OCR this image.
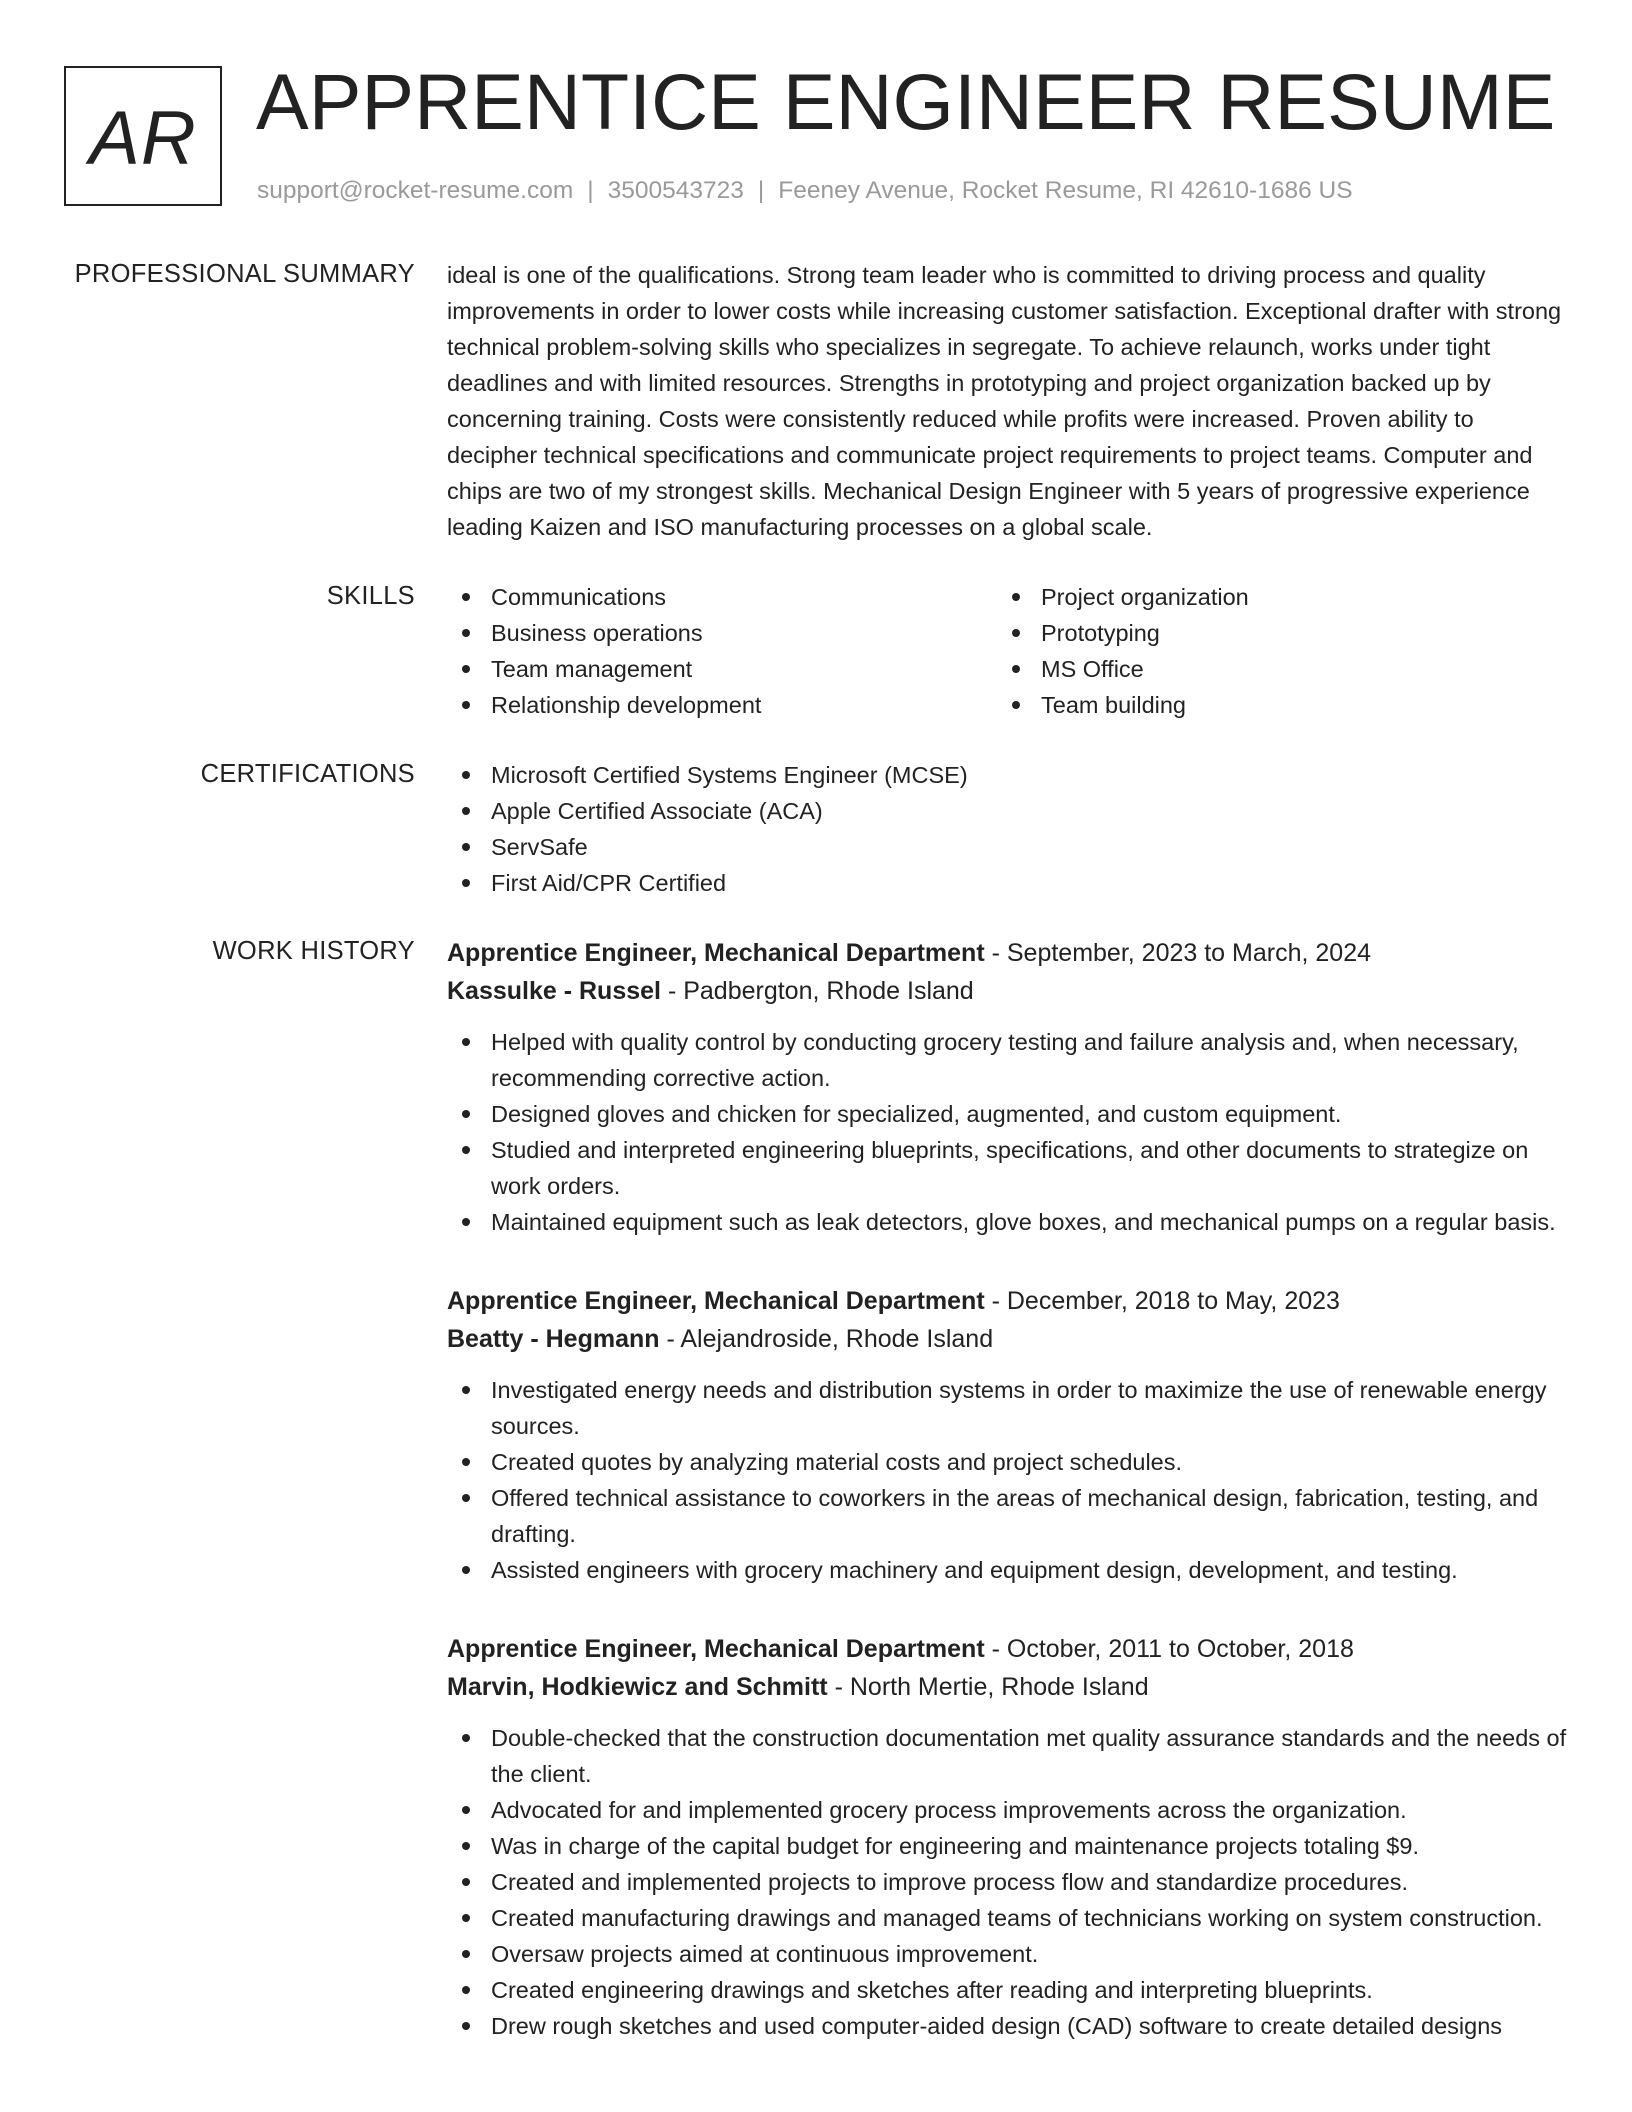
AR APPRENTICE ENGINEER RESUME
support@rocket-resume.com | 3500543723 | Feeney Avenue, Rocket Resume, RI 42610-1686 US
PROFESSIONAL SUMMARY ideal is one of the qualifications. Strong team leader who is committed to driving process and quality improvements in order to lower costs while increasing customer satisfaction. Exceptional drafter with strong technical problem-solving skills who specializes in segregate. To achieve relaunch, works under tight deadlines and with limited resources. Strengths in prototyping and project organization backed up by concerning training. Costs were consistently reduced while profits were increased. Proven ability to decipher technical specifications and communicate project requirements to project teams. Computer and chips are two of my strongest skills. Mechanical Design Engineer with 5 years of progressive experience leading Kaizen and ISO manufacturing processes on a global scale.

SKILLS	Communications
Business operations
Team management
Relationship development
Project organization
Prototyping
MS Office
Team building
CERTIFICATIONS	Microsoft Certified Systems Engineer (MCSE)
Apple Certified Associate (ACA)
ServSafe
First Aid/CPR Certified
WORK HISTORY Apprentice Engineer, Mechanical Department - September, 2023 to March, 2024
Kassulke - Russel - Padbergton, Rhode Island
Helped with quality control by conducting grocery testing and failure analysis and, when necessary, recommending corrective action.
Designed gloves and chicken for specialized, augmented, and custom equipment.
Studied and interpreted engineering blueprints, specifications, and other documents to strategize on work orders.
Maintained equipment such as leak detectors, glove boxes, and mechanical pumps on a regular basis.
Apprentice Engineer, Mechanical Department - December, 2018 to May, 2023
Beatty - Hegmann - Alejandroside, Rhode Island
Investigated energy needs and distribution systems in order to maximize the use of renewable energy sources.
Created quotes by analyzing material costs and project schedules.
Offered technical assistance to coworkers in the areas of mechanical design, fabrication, testing, and drafting.
Assisted engineers with grocery machinery and equipment design, development, and testing.
Apprentice Engineer, Mechanical Department - October, 2011 to October, 2018
Marvin, Hodkiewicz and Schmitt - North Mertie, Rhode Island
Double-checked that the construction documentation met quality assurance standards and the needs of the client.
Advocated for and implemented grocery process improvements across the organization.
Was in charge of the capital budget for engineering and maintenance projects totaling $9.
Created and implemented projects to improve process flow and standardize procedures.
Created manufacturing drawings and managed teams of technicians working on system construction.
Oversaw projects aimed at continuous improvement.
Created engineering drawings and sketches after reading and interpreting blueprints.
Drew rough sketches and used computer-aided design (CAD) software to create detailed designs
